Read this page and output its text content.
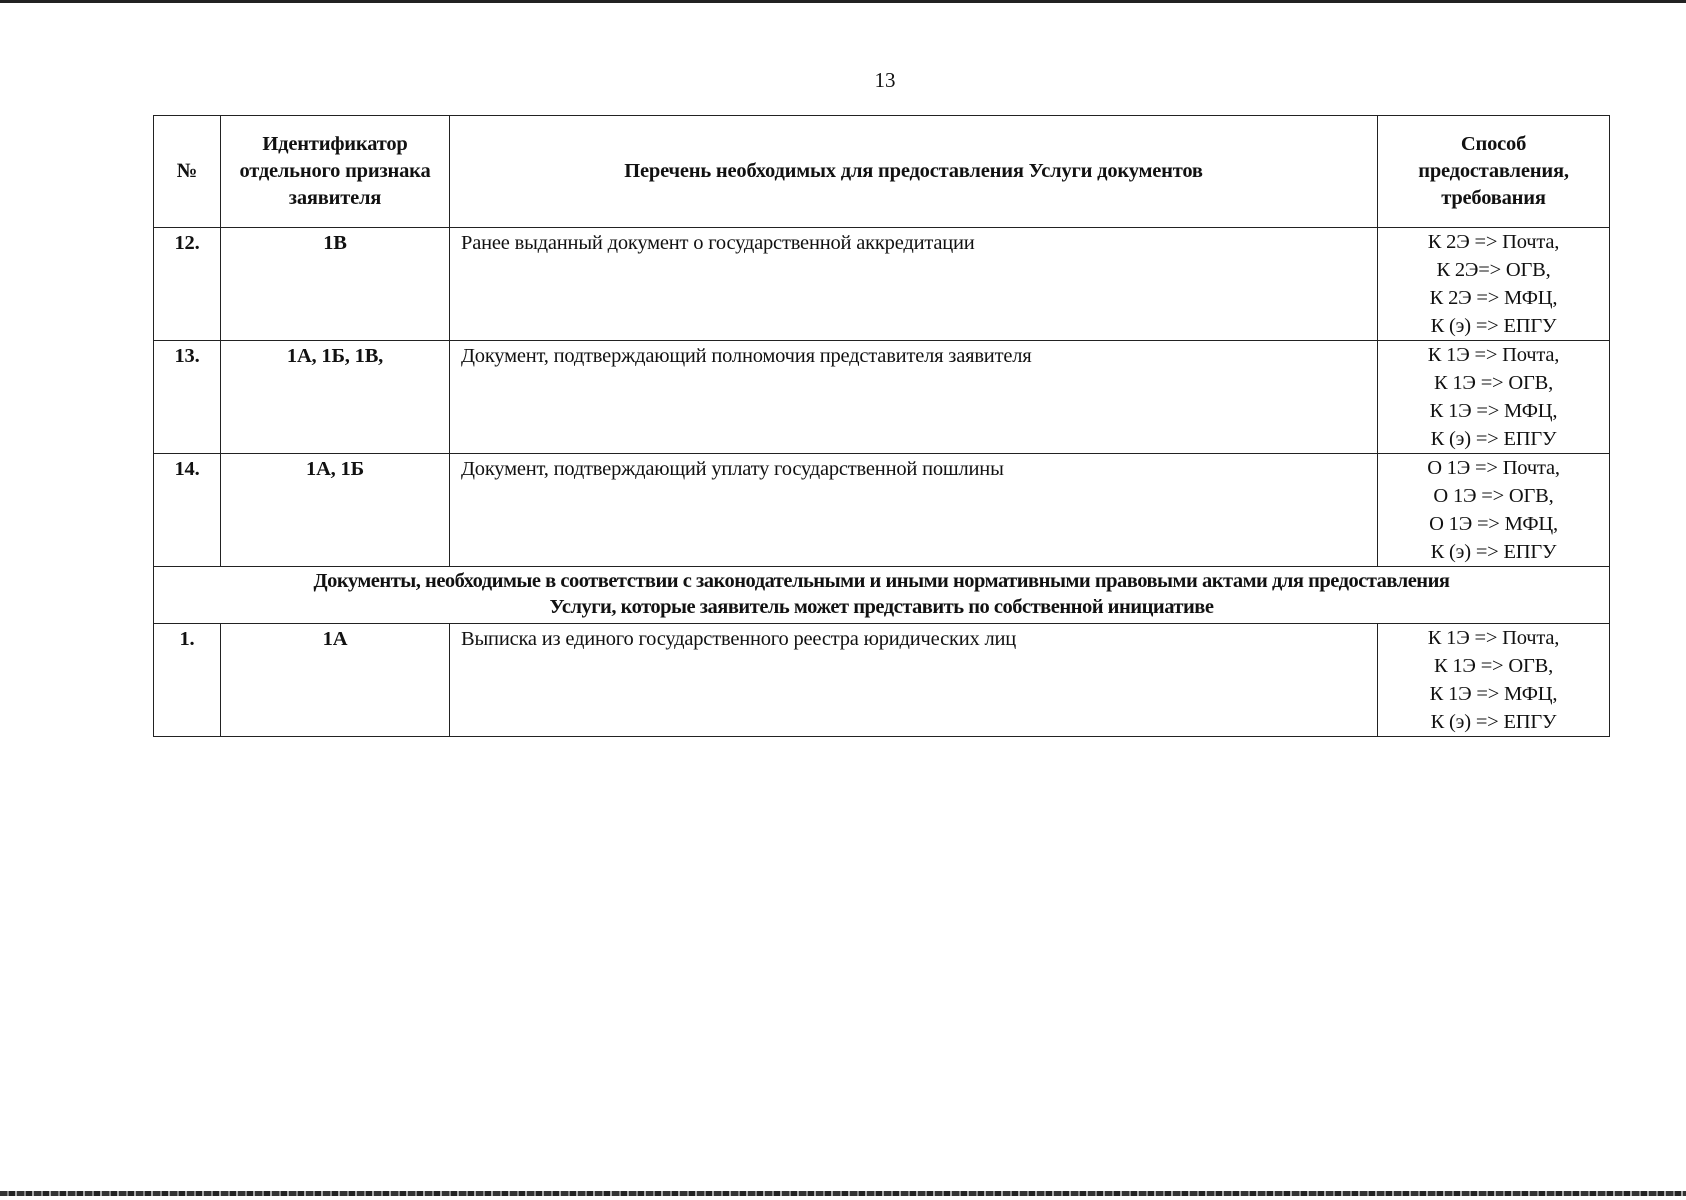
13
№	Идентификатор отдельного признака заявителя	Перечень необходимых для предоставления Услуги документов	Способ предоставления, требования
12.	1В	Ранее выданный документ о государственной аккредитации	К 2Э => Почта,
К 2Э=> ОГВ,
К 2Э => МФЦ,
К (э) => ЕПГУ

13.	1А, 1Б, 1В,	Документ, подтверждающий полномочия представителя заявителя	К 1Э => Почта,
К 1Э => ОГВ,
К 1Э => МФЦ,
К (э) => ЕПГУ

14.	1А, 1Б	Документ, подтверждающий уплату государственной пошлины	О 1Э => Почта,
О 1Э => ОГВ,
О 1Э => МФЦ,
К (э) => ЕПГУ

Документы, необходимые в соответствии с законодательными и иными нормативными правовыми актами для предоставления
Услуги, которые заявитель может представить по собственной инициативе			

1.	1А	Выписка из единого государственного реестра юридических лиц	К 1Э => Почта,
К 1Э => ОГВ,
К 1Э => МФЦ,
К (э) => ЕПГУ
